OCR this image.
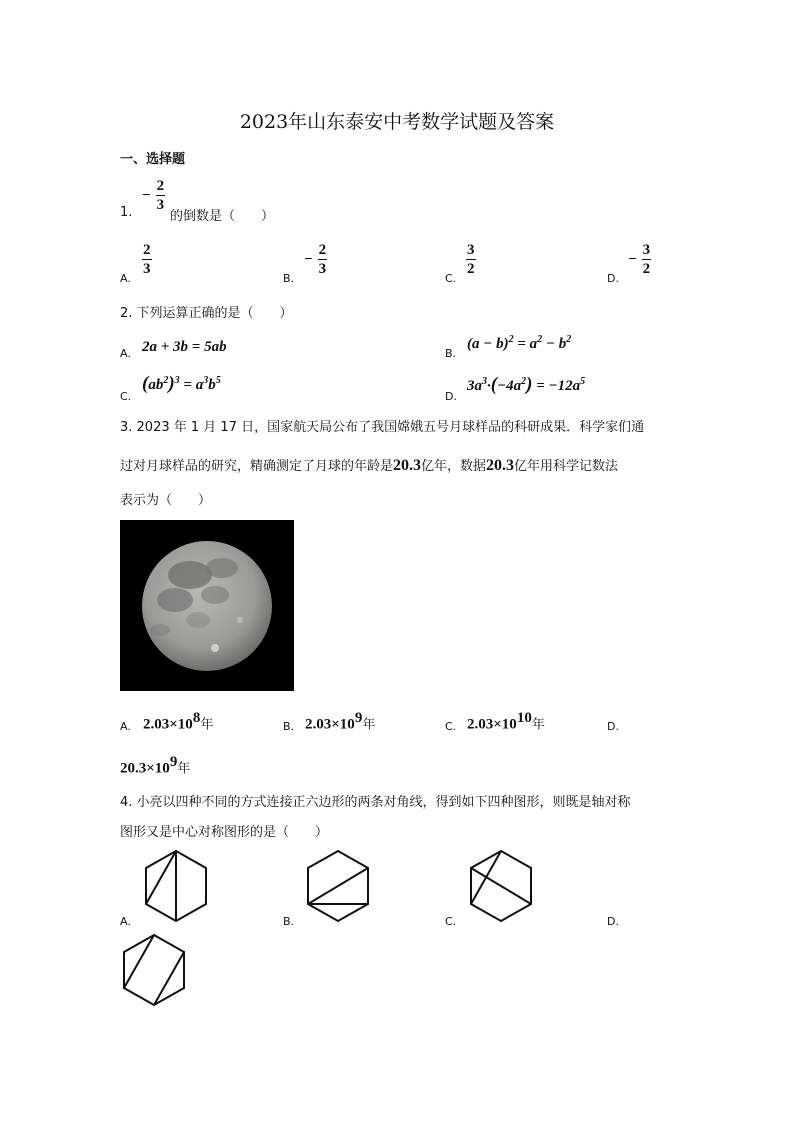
2023年山东泰安中考数学试题及答案
一、选择题
1.
− $\frac{2}{3}$
的倒数是（　　）
A.
$\frac{2}{3}$
B.
− $\frac{2}{3}$
C.
$\frac{3}{2}$
D.
− $\frac{3}{2}$
2. 下列运算正确的是（　　）
A. 2a + 3b = 5ab	B.
$(a - b)^2 = a^2 - b^2$
C.
$(ab^2)^3 = a^3b^5$
D.
$3a^3\cdot(-4a^2) = -12a^5$
3. 2023 年 1 月 17 日，国家航天局公布了我国嫦娥五号月球样品的科研成果．科学家们通
过对月球样品的研究，精确测定了月球的年龄是20.3亿年，数据20.3亿年用科学记数法
表示为（　　）
A. $2.03\times 10^8$年	B. $2.03\times 10^9$年	C. $2.03\times 10^{10}$年	D.
$20.3\times 10^9$年
4. 小亮以四种不同的方式连接正六边形的两条对角线，得到如下四种图形，则既是轴对称
图形又是中心对称图形的是（　　）
A.	B.	C.	D.
